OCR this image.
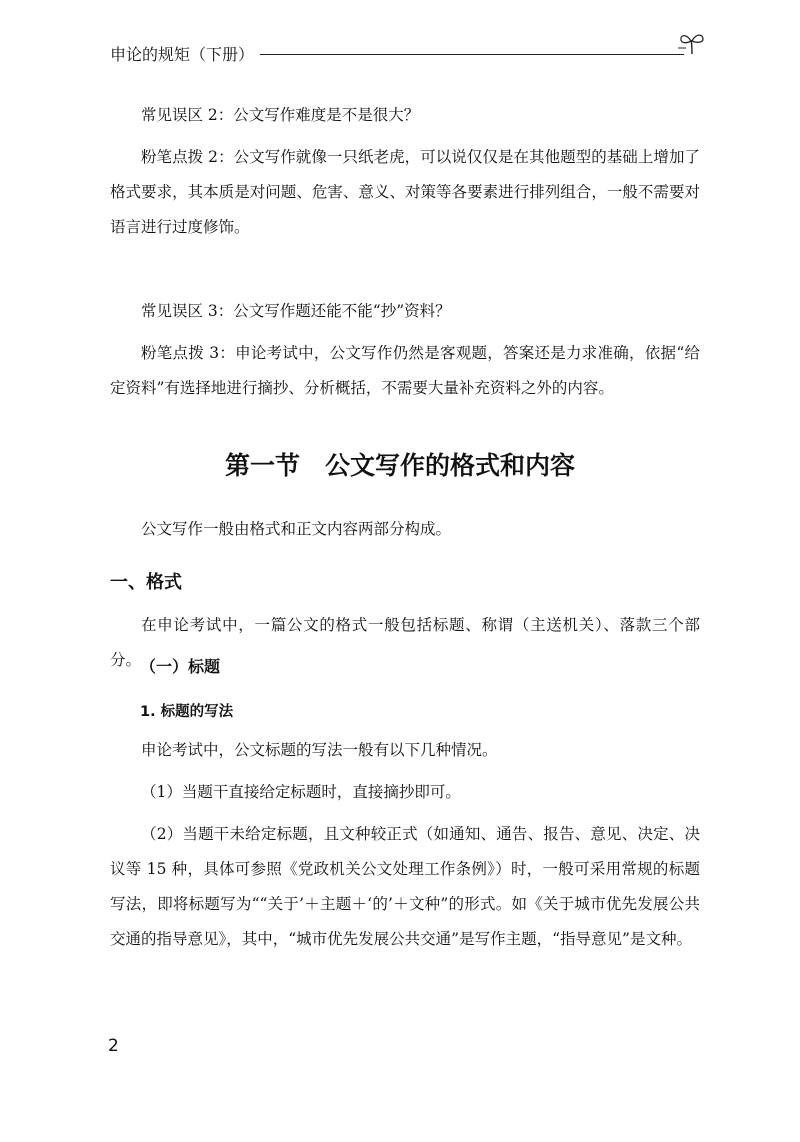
申论的规矩（下册）

常见误区 2：公文写作难度是不是很大？

粉笔点拨 2：公文写作就像一只纸老虎，可以说仅仅是在其他题型的基础上增加了格式要求，其本质是对问题、危害、意义、对策等各要素进行排列组合，一般不需要对语言进行过度修饰。

常见误区 3：公文写作题还能不能“抄”资料？

粉笔点拨 3：申论考试中，公文写作仍然是客观题，答案还是力求准确，依据“给定资料”有选择地进行摘抄、分析概括，不需要大量补充资料之外的内容。

第一节　公文写作的格式和内容

公文写作一般由格式和正文内容两部分构成。

一、格式

在申论考试中，一篇公文的格式一般包括标题、称谓（主送机关）、落款三个部分。

（一）标题
1. 标题的写法

申论考试中，公文标题的写法一般有以下几种情况。

（1）当题干直接给定标题时，直接摘抄即可。

（2）当题干未给定标题，且文种较正式（如通知、通告、报告、意见、决定、决议等 15 种，具体可参照《党政机关公文处理工作条例》）时，一般可采用常规的标题写法，即将标题写为““关于’＋主题＋‘的’＋文种”的形式。如《关于城市优先发展公共交通的指导意见》，其中，“城市优先发展公共交通”是写作主题，“指导意见”是文种。

2
